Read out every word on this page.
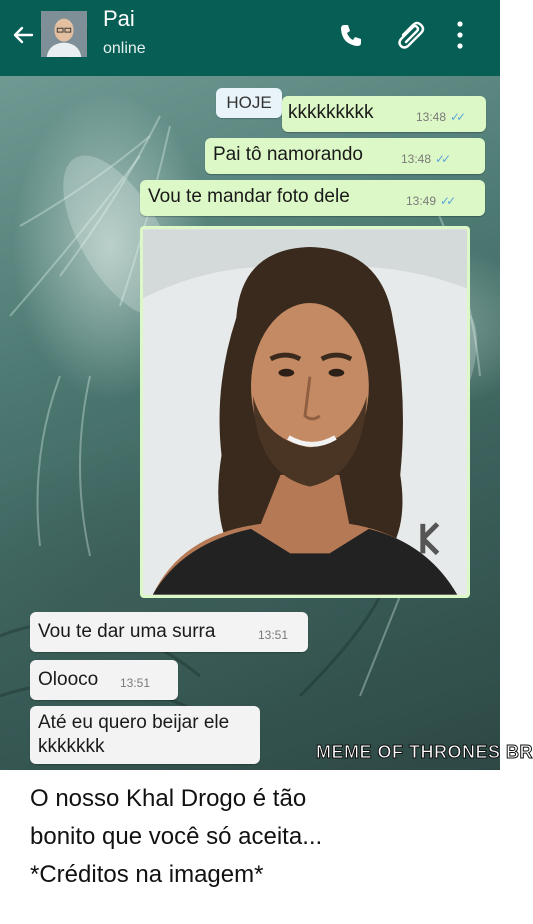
Pai
online
HOJE kkkkkkkkk	13:48 ✓✓
Pai tô namorando	13:48 ✓✓
Vou te mandar foto dele	13:49 ✓✓
Vou te dar uma surra	13:51
Olooco 13:51
Até eu quero beijar ele
kkkkkkk	MEME OF THRONES BR
O nosso Khal Drogo é tão
bonito que você só aceita...
*Créditos na imagem*
